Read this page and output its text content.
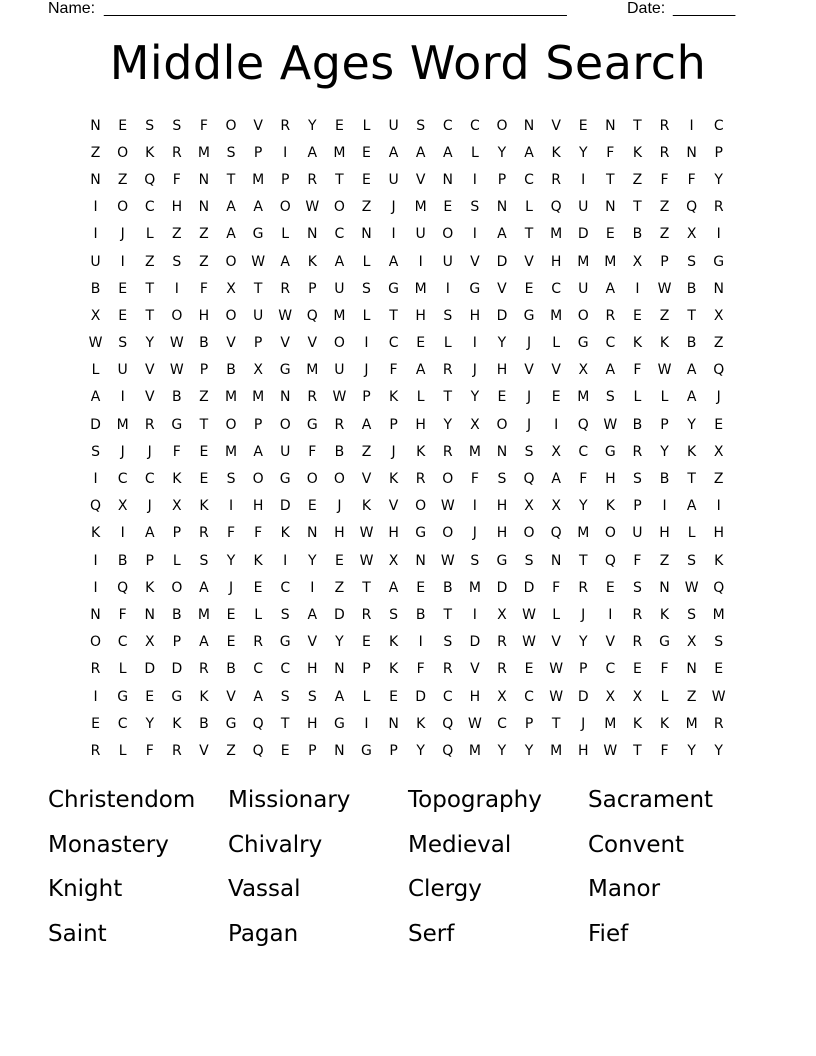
Name: ____________________________________________________	Date: _______
Middle Ages Word Search
N	E	S	S	F	O	V	R	Y	E	L	U	S	C	C	O	N	V	E	N	T	R	I	C
Z	O	K	R	M	S	P	I	A	M	E	A	A	A	L	Y	A	K	Y	F	K	R	N	P
N	Z	Q	F	N	T	M	P	R	T	E	U	V	N	I	P	C	R	I	T	Z	F	F	Y
I	O	C	H	N	A	A	O	W	O	Z	J	M	E	S	N	L	Q	U	N	T	Z	Q	R
I	J	L	Z	Z	A	G	L	N	C	N	I	U	O	I	A	T	M	D	E	B	Z	X	I
U	I	Z	S	Z	O	W	A	K	A	L	A	I	U	V	D	V	H	M	M	X	P	S	G
B	E	T	I	F	X	T	R	P	U	S	G	M	I	G	V	E	C	U	A	I	W	B	N
X	E	T	O	H	O	U	W	Q	M	L	T	H	S	H	D	G	M	O	R	E	Z	T	X
W	S	Y	W	B	V	P	V	V	O	I	C	E	L	I	Y	J	L	G	C	K	K	B	Z
L	U	V	W	P	B	X	G	M	U	J	F	A	R	J	H	V	V	X	A	F	W	A	Q
A	I	V	B	Z	M	M	N	R	W	P	K	L	T	Y	E	J	E	M	S	L	L	A	J
D	M	R	G	T	O	P	O	G	R	A	P	H	Y	X	O	J	I	Q	W	B	P	Y	E
S	J	J	F	E	M	A	U	F	B	Z	J	K	R	M	N	S	X	C	G	R	Y	K	X
I	C	C	K	E	S	O	G	O	O	V	K	R	O	F	S	Q	A	F	H	S	B	T	Z
Q	X	J	X	K	I	H	D	E	J	K	V	O	W	I	H	X	X	Y	K	P	I	A	I
K	I	A	P	R	F	F	K	N	H	W	H	G	O	J	H	O	Q	M	O	U	H	L	H
I	B	P	L	S	Y	K	I	Y	E	W	X	N	W	S	G	S	N	T	Q	F	Z	S	K
I	Q	K	O	A	J	E	C	I	Z	T	A	E	B	M	D	D	F	R	E	S	N	W	Q
N	F	N	B	M	E	L	S	A	D	R	S	B	T	I	X	W	L	J	I	R	K	S	M
O	C	X	P	A	E	R	G	V	Y	E	K	I	S	D	R	W	V	Y	V	R	G	X	S
R	L	D	D	R	B	C	C	H	N	P	K	F	R	V	R	E	W	P	C	E	F	N	E
I	G	E	G	K	V	A	S	S	A	L	E	D	C	H	X	C	W	D	X	X	L	Z	W
E	C	Y	K	B	G	Q	T	H	G	I	N	K	Q	W	C	P	T	J	M	K	K	M	R
R	L	F	R	V	Z	Q	E	P	N	G	P	Y	Q	M	Y	Y	M	H	W	T	F	Y	Y
Christendom	Missionary	Topography	Sacrament
Monastery	Chivalry	Medieval	Convent
Knight	Vassal	Clergy	Manor
Saint	Pagan	Serf	Fief
